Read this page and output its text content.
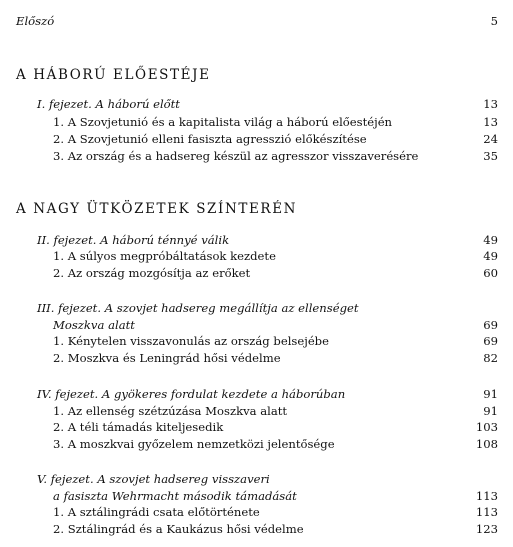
Előszó	5
A HÁBORÚ ELŐESTÉJE
I. fejezet. A háború előtt	13
1. A Szovjetunió és a kapitalista világ a háború előestéjén	13
2. A Szovjetunió elleni fasiszta agresszió előkészítése	24
3. Az ország és a hadsereg készül az agresszor visszaverésére	35
A NAGY ÜTKÖZETEK SZÍNTERÉN
II. fejezet. A háború ténnyé válik	49
1. A súlyos megpróbáltatások kezdete	49
2. Az ország mozgósítja az erőket	60
III. fejezet. A szovjet hadsereg megállítja az ellenséget
Moszkva alatt	69
1. Kénytelen visszavonulás az ország belsejébe	69
2. Moszkva és Leningrád hősi védelme	82
IV. fejezet. A gyökeres fordulat kezdete a háborúban	91
1. Az ellenség szétzúzása Moszkva alatt	91
2. A téli támadás kiteljesedik	103
3. A moszkvai győzelem nemzetközi jelentősége	108
V. fejezet. A szovjet hadsereg visszaveri
a fasiszta Wehrmacht második támadását	113
1. A sztálingrádi csata előtörténete	113
2. Sztálingrád és a Kaukázus hősi védelme	123
